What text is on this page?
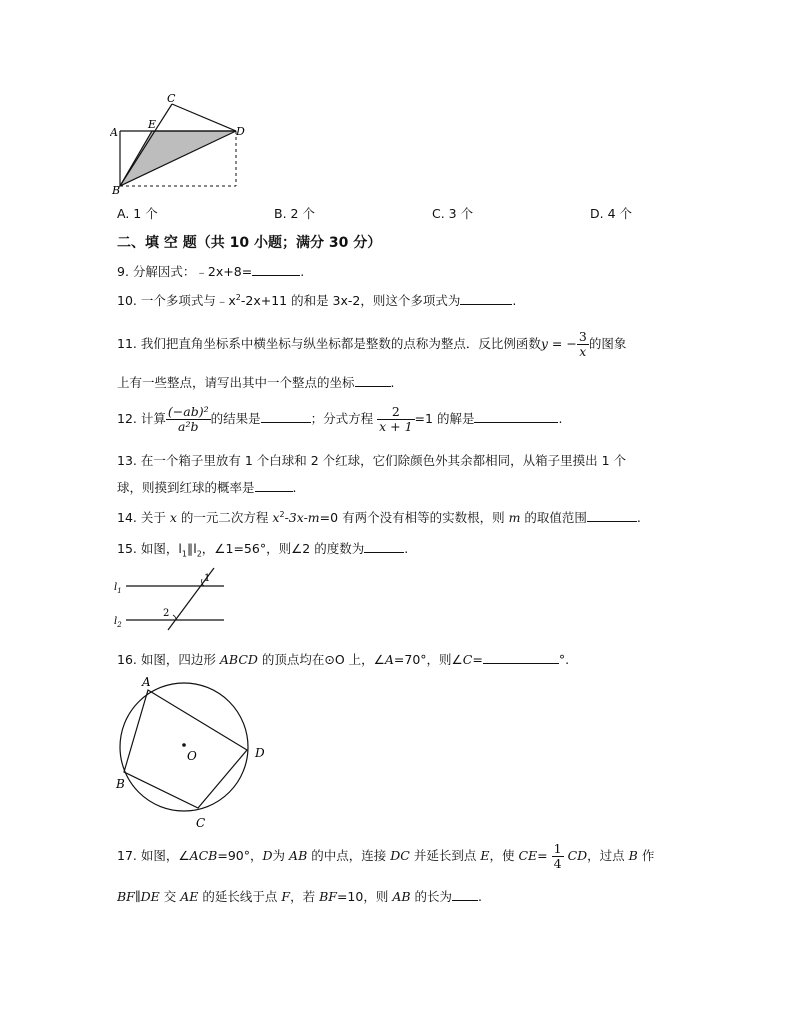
A
B
C
D
E
A. 1 个	B. 2 个	C. 3 个	D. 4 个
二、填 空 题（共 10 小题；满分 30 分）
9. 分解因式：﹣2x+8=	.
10. 一个多项式与$﹣x^2-2x+11$ 的和是 3x-2，则这个多项式为	.
11. 我们把直角坐标系中横坐标与纵坐标都是整数的点称为整点．反比例函数y = − $\frac{3}{x}$ 的图象
上有一些整点，请写出其中一个整点的坐标	.
12. 计算 $\frac{\text{(−ab)²}}{\text{a²b}}$ 的结果是	；分式方程 $\frac{2}{x + 1} =1$ 的解是	.
13. 在一个箱子里放有 1 个白球和 2 个红球，它们除颜色外其余都相同，从箱子里摸出 1 个
球，则摸到红球的概率是	.
14. 关于 x 的一元二次方程 $x^2-3x-m=0$ 有两个没有相等的实数根，则 m 的取值范围	.
15. 如图，$l_1\parallel l_2$，∠1=56°，则∠2 的度数为	.
$l_1$
$l_2$
1
2
16. 如图，四边形 ABCD 的顶点均在⊙O 上，∠A=70°，则∠C=	°.
A
B
C
D
O
17. 如图，∠ACB=90°，D为 AB 的中点，连接 DC 并延长到点 E，使 $CE= \frac{1}{4}$ CD，过点 B 作
BF∥DE 交 AE 的延长线于点 F，若 BF=10，则 AB 的长为 .
